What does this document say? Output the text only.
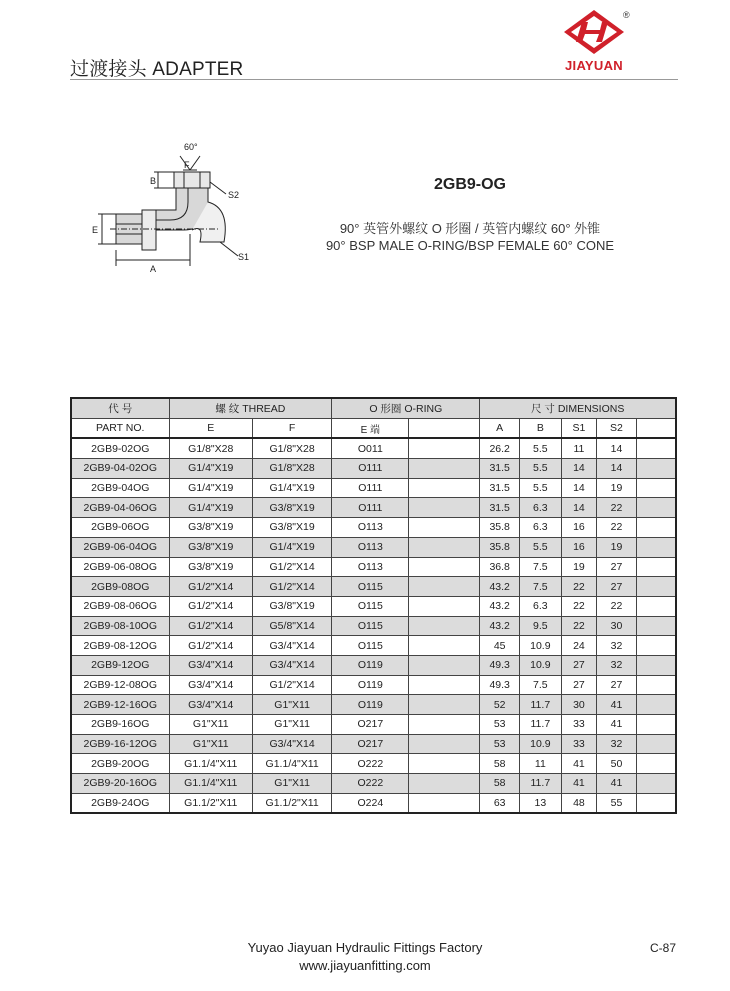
过渡接头 ADAPTER
®
JIAYUAN
60°
F
B
S2
E
S1
A
2GB9-OG
90° 英管外螺纹 O 形圈 / 英管内螺纹 60° 外锥
90° BSP MALE O-RING/BSP FEMALE 60° CONE
代 号	螺 纹 THREAD		O 形圈 O-RING		尺 寸 DIMENSIONS				
PART NO.	E	F	E 端		A	B	S1	S2	
2GB9-02OG	G1/8"X28	G1/8"X28	O011		26.2	5.5	11	14	
2GB9-04-02OG	G1/4"X19	G1/8"X28	O111		31.5	5.5	14	14	
2GB9-04OG	G1/4"X19	G1/4"X19	O111		31.5	5.5	14	19	
2GB9-04-06OG	G1/4"X19	G3/8"X19	O111		31.5	6.3	14	22	
2GB9-06OG	G3/8"X19	G3/8"X19	O113		35.8	6.3	16	22	
2GB9-06-04OG	G3/8"X19	G1/4"X19	O113		35.8	5.5	16	19	
2GB9-06-08OG	G3/8"X19	G1/2"X14	O113		36.8	7.5	19	27	
2GB9-08OG	G1/2"X14	G1/2"X14	O115		43.2	7.5	22	27	
2GB9-08-06OG	G1/2"X14	G3/8"X19	O115		43.2	6.3	22	22	
2GB9-08-10OG	G1/2"X14	G5/8"X14	O115		43.2	9.5	22	30	
2GB9-08-12OG	G1/2"X14	G3/4"X14	O115		45	10.9	24	32	
2GB9-12OG	G3/4"X14	G3/4"X14	O119		49.3	10.9	27	32	
2GB9-12-08OG	G3/4"X14	G1/2"X14	O119		49.3	7.5	27	27	
2GB9-12-16OG	G3/4"X14	G1"X11	O119		52	11.7	30	41	
2GB9-16OG	G1"X11	G1"X11	O217		53	11.7	33	41	
2GB9-16-12OG	G1"X11	G3/4"X14	O217		53	10.9	33	32	
2GB9-20OG	G1.1/4"X11	G1.1/4"X11	O222		58	11	41	50	
2GB9-20-16OG	G1.1/4"X11	G1"X11	O222		58	11.7	41	41	
2GB9-24OG	G1.1/2"X11	G1.1/2"X11	O224		63	13	48	55	
Yuyao Jiayuan Hydraulic Fittings Factory
www.jiayuanfitting.com
C-87
